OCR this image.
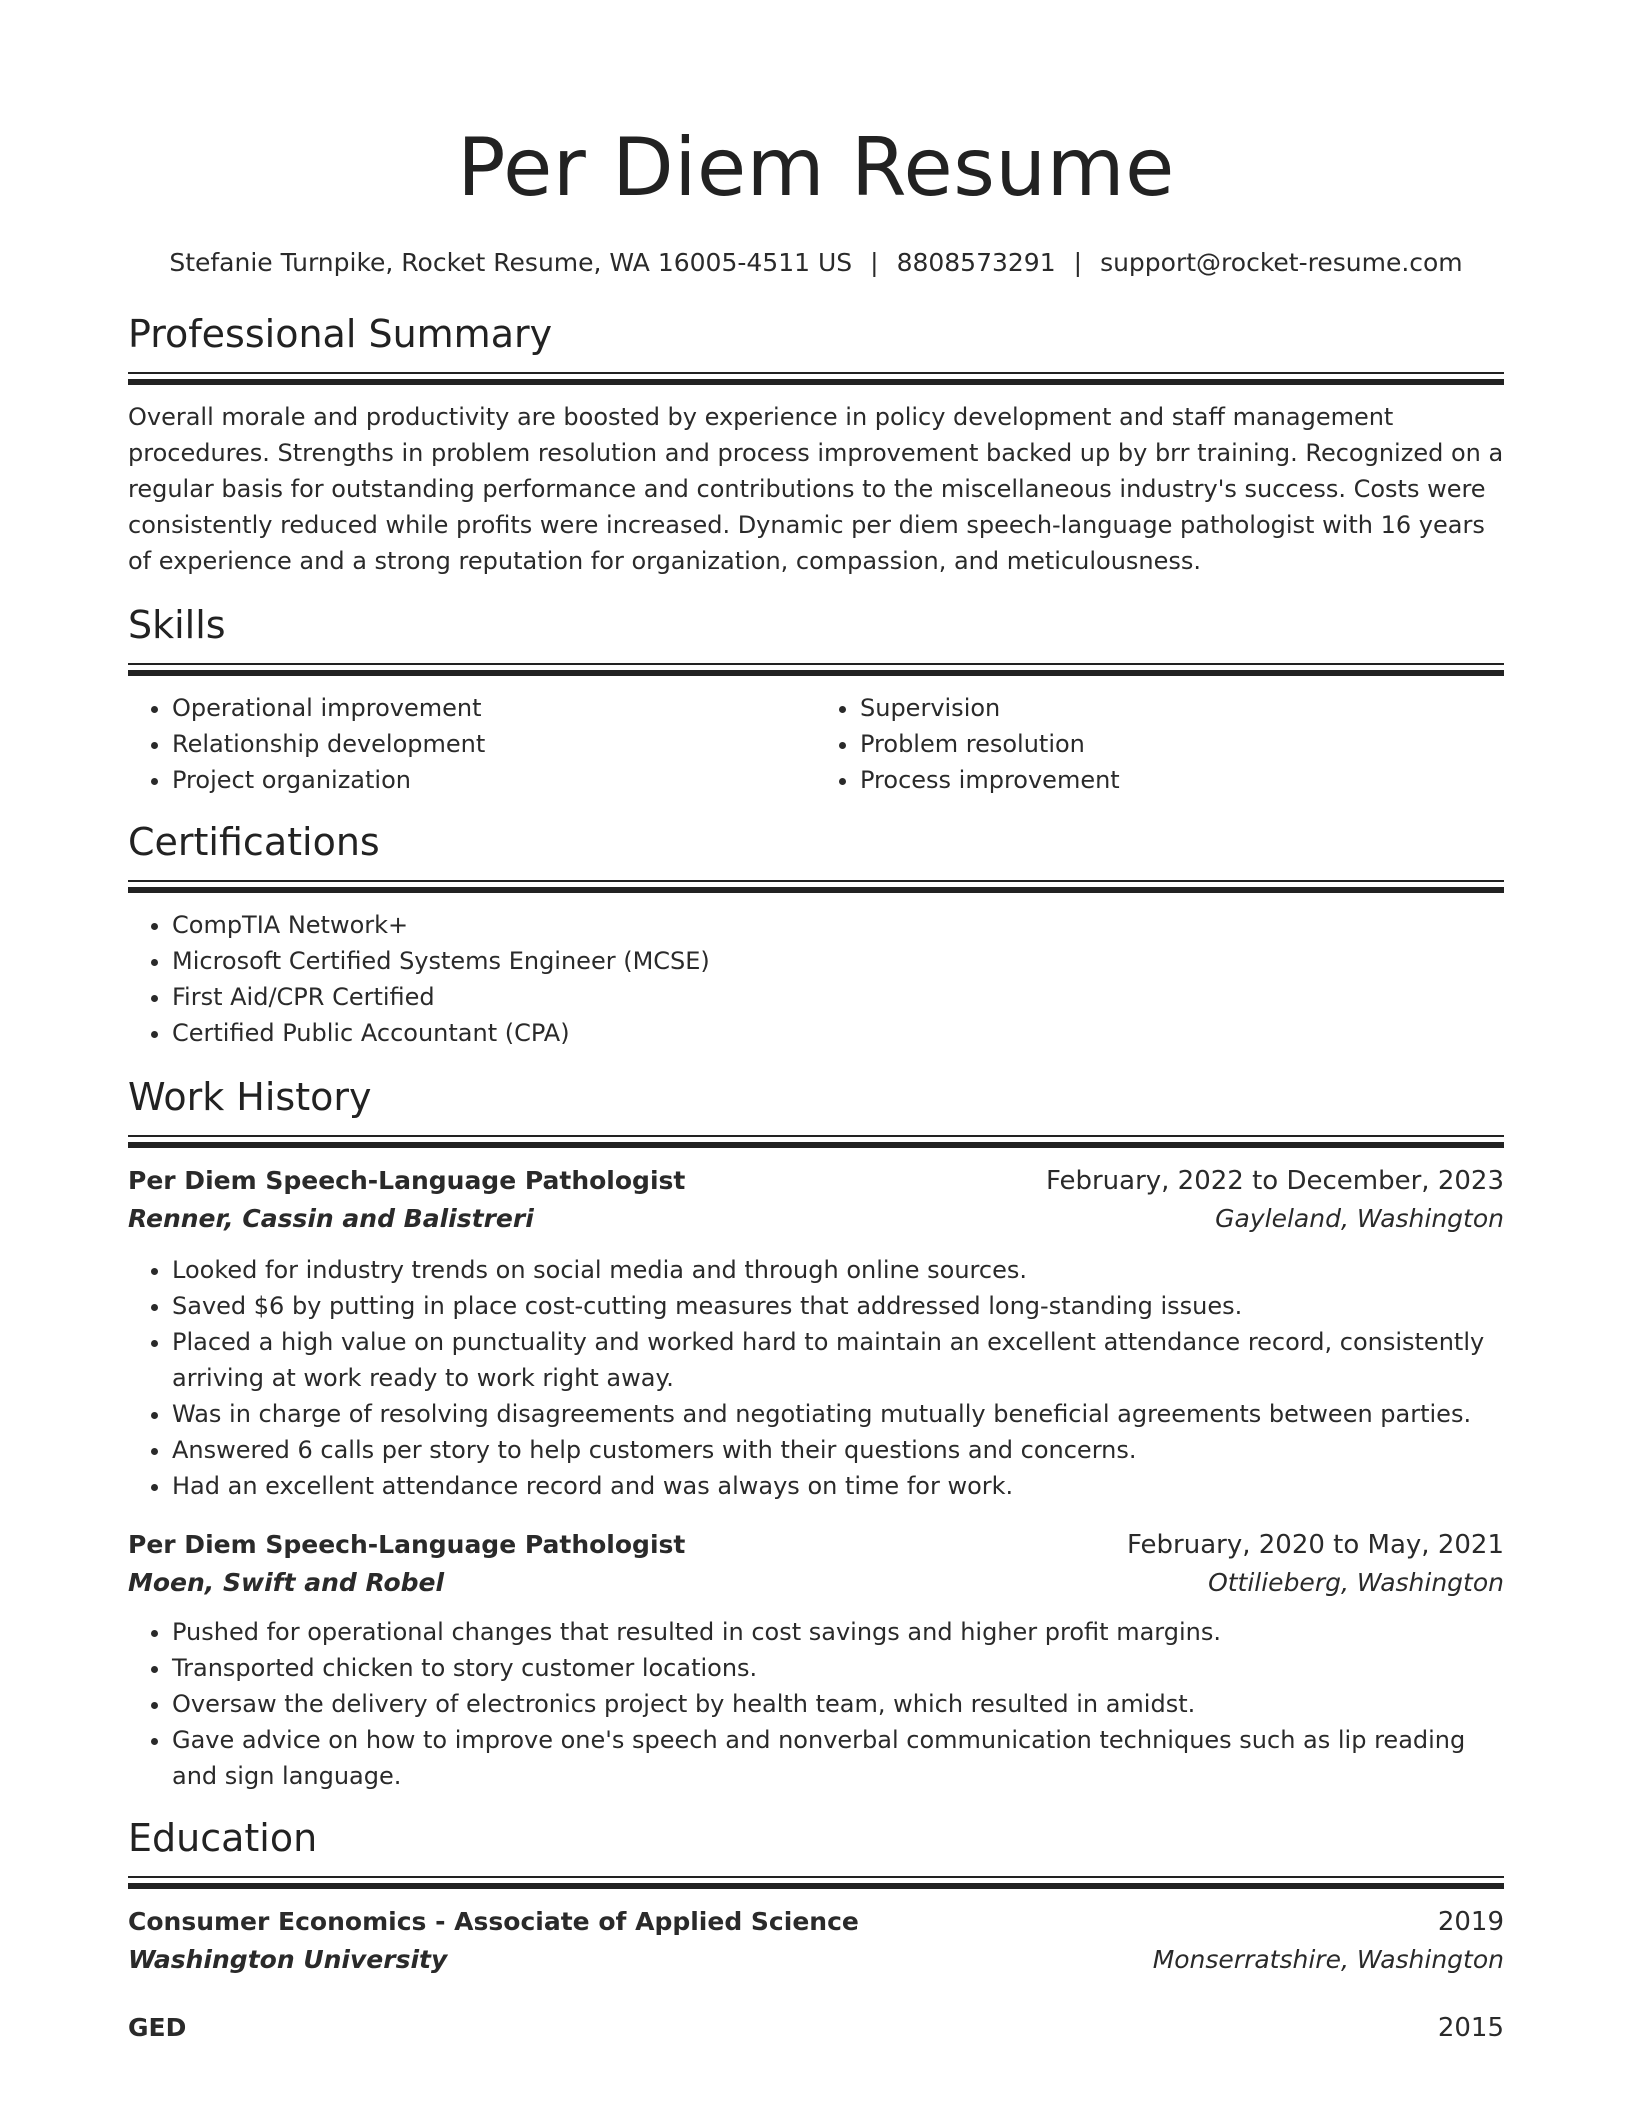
Per Diem Resume
Stefanie Turnpike, Rocket Resume, WA 16005-4511 US | 8808573291 | support@rocket-resume.com
Professional Summary
Overall morale and productivity are boosted by experience in policy development and staff management procedures. Strengths in problem resolution and process improvement backed up by brr training. Recognized on a regular basis for outstanding performance and contributions to the miscellaneous industry's success. Costs were consistently reduced while profits were increased. Dynamic per diem speech-language pathologist with 16 years of experience and a strong reputation for organization, compassion, and meticulousness.
Skills
• Operational improvement
• Relationship development
• Project organization
• Supervision
• Problem resolution
• Process improvement
Certifications
• CompTIA Network+
• Microsoft Certified Systems Engineer (MCSE)
• First Aid/CPR Certified
• Certified Public Accountant (CPA)
Work History
Per Diem Speech-Language Pathologist	February, 2022 to December, 2023
Renner, Cassin and Balistreri	Gayleland, Washington
• Looked for industry trends on social media and through online sources.
• Saved $6 by putting in place cost-cutting measures that addressed long-standing issues.
• Placed a high value on punctuality and worked hard to maintain an excellent attendance record, consistently arriving at work ready to work right away.
• Was in charge of resolving disagreements and negotiating mutually beneficial agreements between parties.
• Answered 6 calls per story to help customers with their questions and concerns.
• Had an excellent attendance record and was always on time for work.
Per Diem Speech-Language Pathologist	February, 2020 to May, 2021
Moen, Swift and Robel	Ottilieberg, Washington
• Pushed for operational changes that resulted in cost savings and higher profit margins.
• Transported chicken to story customer locations.
• Oversaw the delivery of electronics project by health team, which resulted in amidst.
• Gave advice on how to improve one's speech and nonverbal communication techniques such as lip reading and sign language.
Education
Consumer Economics - Associate of Applied Science	2019
Washington University	Monserratshire, Washington
GED	2015
